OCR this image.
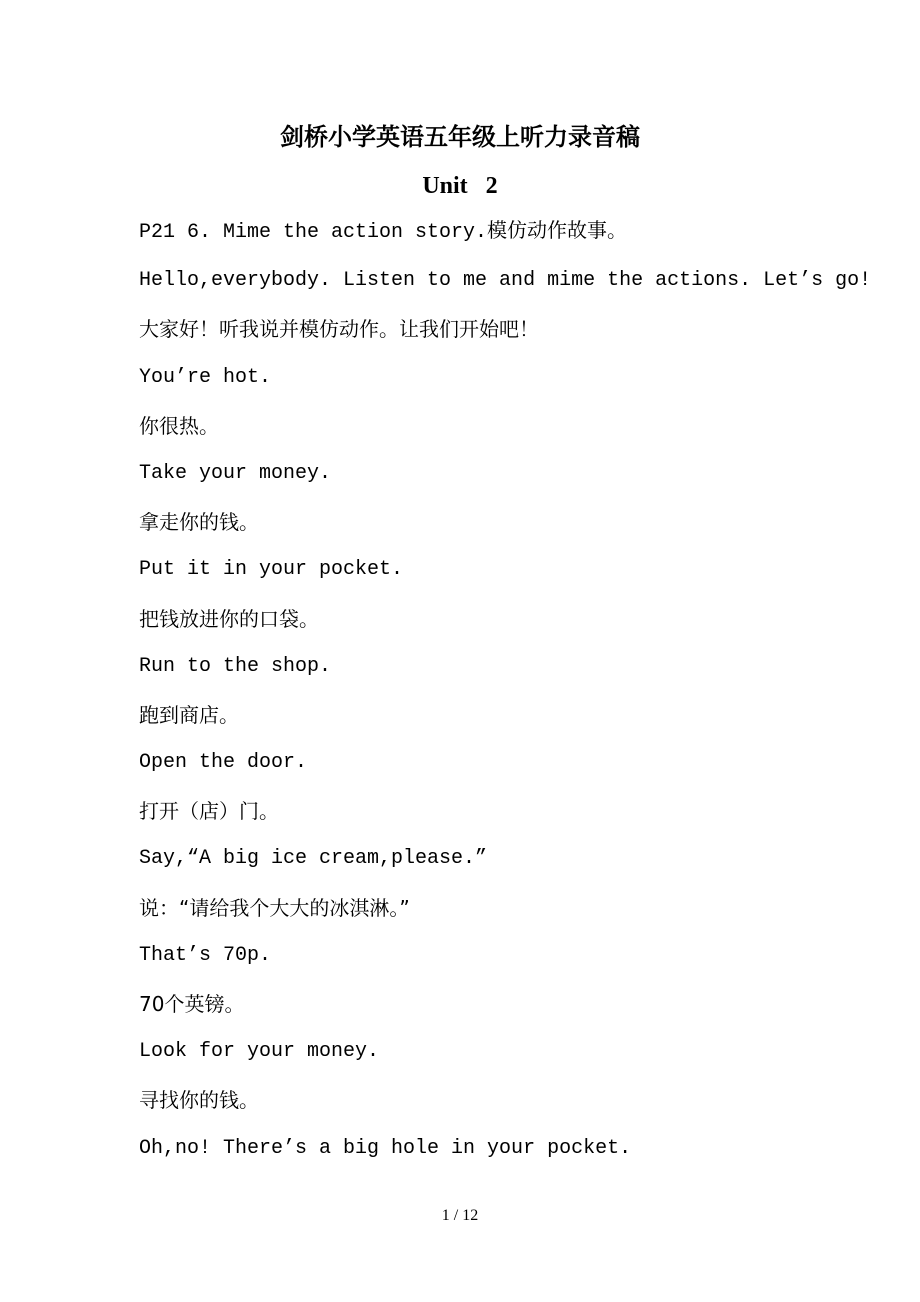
剑桥小学英语五年级上听力录音稿
Unit   2
P21 6. Mime the action story.模仿动作故事。
Hello,everybody. Listen to me and mime the actions. Let’s go!
大家好！听我说并模仿动作。让我们开始吧！
You’re hot.
你很热。
Take your money.
拿走你的钱。
Put it in your pocket.
把钱放进你的口袋。
Run to the shop.
跑到商店。
Open the door.
打开（店）门。
Say,“A big ice cream,please.”
说：“请给我个大大的冰淇淋。”
That’s 70p.
70个英镑。
Look for your money.
寻找你的钱。
Oh,no! There’s a big hole in your pocket.
1 / 12
